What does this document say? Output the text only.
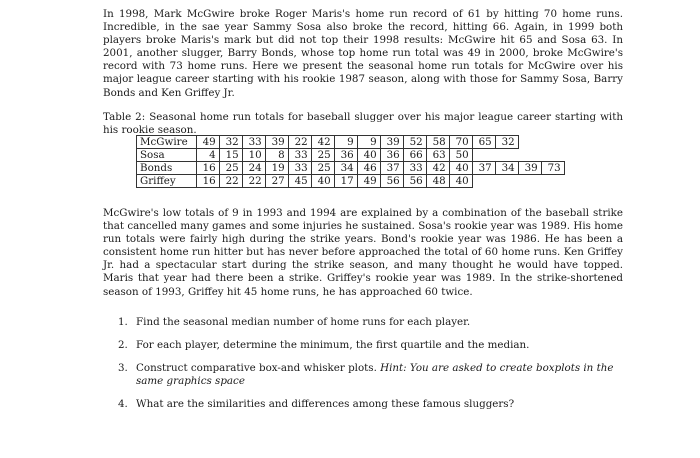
In 1998, Mark McGwire broke Roger Maris's home run record of 61 by hitting 70 home runs. Incredible, in the sae year Sammy Sosa also broke the record, hitting 66. Again, in 1999 both players broke Maris's mark but did not top their 1998 results: McGwire hit 65 and Sosa 63. In 2001, another slugger, Barry Bonds, whose top home run total was 49 in 2000, broke McGwire's record with 73 home runs. Here we present the seasonal home run totals for McGwire over his major league career starting with his rookie 1987 season, along with those for Sammy Sosa, Barry Bonds and Ken Griffey Jr.

Table 2: Seasonal home run totals for baseball slugger over his major league career starting with his rookie season.

McGwire	49	32	33	39	22	42	9	9	39	52	58	70	65	32			
Sosa	4	15	10	8	33	25	36	40	36	66	63	50					
Bonds	16	25	24	19	33	25	34	46	37	33	42	40	37	34	39	73	
Griffey	16	22	22	27	45	40	17	49	56	56	48	40					

McGwire's low totals of 9 in 1993 and 1994 are explained by a combination of the baseball strike that cancelled many games and some injuries he sustained. Sosa's rookie year was 1989. His home run totals were fairly high during the strike years. Bond's rookie year was 1986. He has been a consistent home run hitter but has never before approached the total of 60 home runs. Ken Griffey Jr. had a spectacular start during the strike season, and many thought he would have topped. Maris that year had there been a strike. Griffey's rookie year was 1989. In the strike-shortened season of 1993, Griffey hit 45 home runs, he has approached 60 twice.

1. Find the seasonal median number of home runs for each player.
2. For each player, determine the minimum, the first quartile and the median.
3. Construct comparative box-and whisker plots. Hint: You are asked to create boxplots in the same graphics space
4. What are the similarities and differences among these famous sluggers?
